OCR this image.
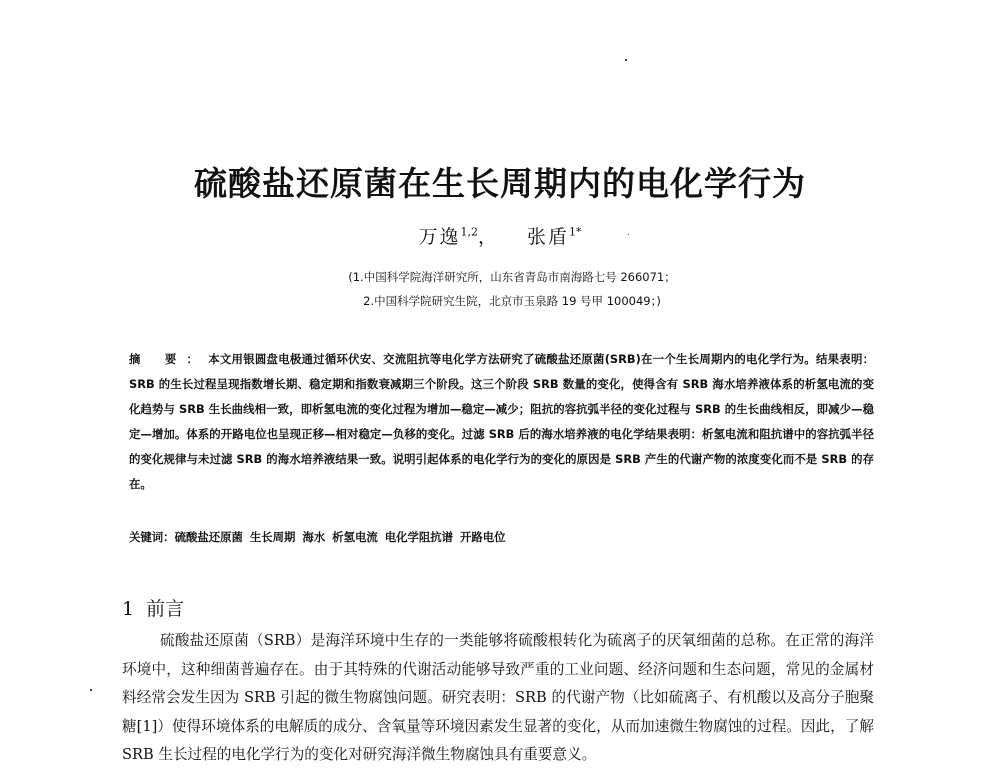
硫酸盐还原菌在生长周期内的电化学行为
万逸$^{1,2}$， 张盾$^{1*}$
(1.中国科学院海洋研究所，山东省青岛市南海路七号 266071；
2.中国科学院研究生院，北京市玉泉路 19 号甲 100049；)
摘 要：本文用银圆盘电极通过循环伏安、交流阻抗等电化学方法研究了硫酸盐还原菌(SRB)在一个生长周期内的电化学行为。结果表明：SRB 的生长过程呈现指数增长期、稳定期和指数衰减期三个阶段。这三个阶段 SRB 数量的变化，使得含有 SRB 海水培养液体系的析氢电流的变化趋势与 SRB 生长曲线相一致，即析氢电流的变化过程为增加—稳定—减少；阻抗的容抗弧半径的变化过程与 SRB 的生长曲线相反，即减少—稳定—增加。体系的开路电位也呈现正移—相对稳定—负移的变化。过滤 SRB 后的海水培养液的电化学结果表明：析氢电流和阻抗谱中的容抗弧半径的变化规律与未过滤 SRB 的海水培养液结果一致。说明引起体系的电化学行为的变化的原因是 SRB 产生的代谢产物的浓度变化而不是 SRB 的存在。
关键词：硫酸盐还原菌 生长周期 海水 析氢电流 电化学阻抗谱 开路电位
1 前言

硫酸盐还原菌（SRB）是海洋环境中生存的一类能够将硫酸根转化为硫离子的厌氧细菌的总称。在正常的海洋环境中，这种细菌普遍存在。由于其特殊的代谢活动能够导致严重的工业问题、经济问题和生态问题，常见的金属材料经常会发生因为 SRB 引起的微生物腐蚀问题。研究表明：SRB 的代谢产物（比如硫离子、有机酸以及高分子胞聚糖[1]）使得环境体系的电解质的成分、含氧量等环境因素发生显著的变化，从而加速微生物腐蚀的过程。因此，了解 SRB 生长过程的电化学行为的变化对研究海洋微生物腐蚀具有重要意义。
